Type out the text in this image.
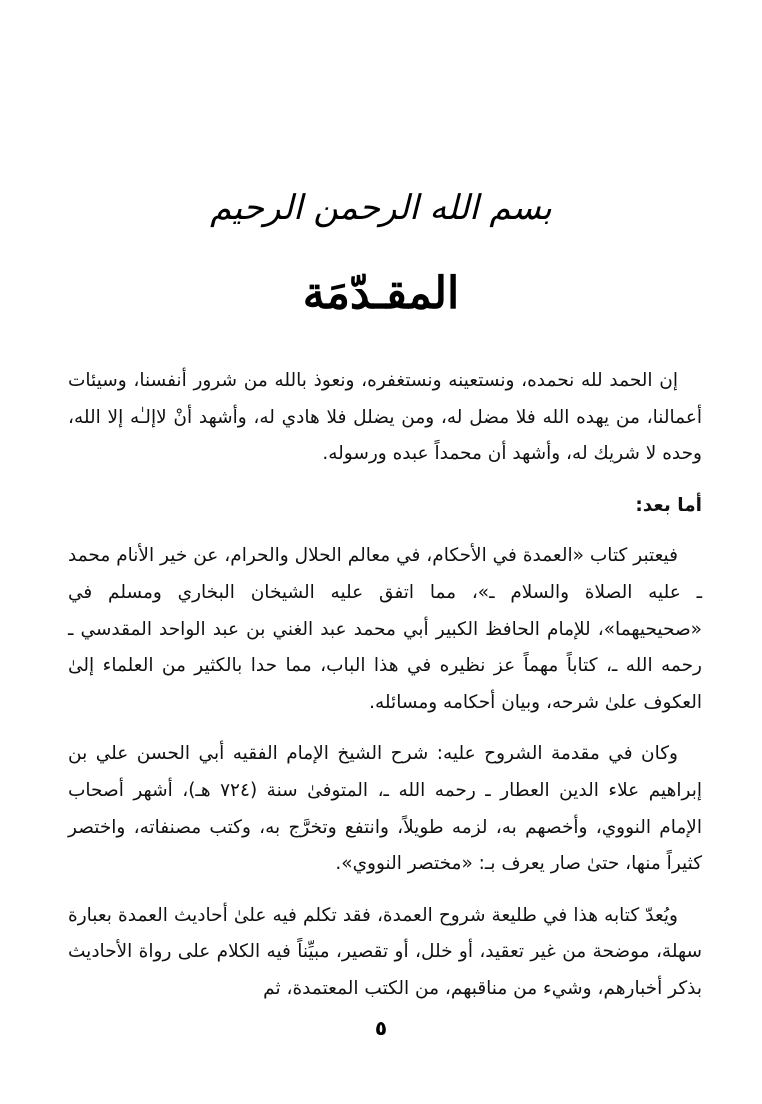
بسم الله الرحمن الرحيم
المقـدّمَة

إن الحمد لله نحمده، ونستعينه ونستغفره، ونعوذ بالله من شرور أنفسنا، وسيئات أعمالنا، من يهده الله فلا مضل له، ومن يضلل فلا هادي له، وأشهد أنْ لاإلـٰه إلا الله، وحده لا شريك له، وأشهد أن محمداً عبده ورسوله.

أما بعد:

فيعتبر كتاب «العمدة في الأحكام، في معالم الحلال والحرام، عن خير الأنام محمد ـ عليه الصلاة والسلام ـ»، مما اتفق عليه الشيخان البخاري ومسلم في «صحيحيهما»، للإمام الحافظ الكبير أبي محمد عبد الغني بن عبد الواحد المقدسي ـ رحمه الله ـ، كتاباً مهماً عز نظيره في هذا الباب، مما حدا بالكثير من العلماء إلىٰ العكوف علىٰ شرحه، وبيان أحكامه ومسائله.

وكان في مقدمة الشروح عليه: شرح الشيخ الإمام الفقيه أبي الحسن علي بن إبراهيم علاء الدين العطار ـ رحمه الله ـ، المتوفىٰ سنة (٧٢٤ هـ)، أشهر أصحاب الإمام النووي، وأخصهم به، لزمه طويلاً، وانتفع وتخرَّج به، وكتب مصنفاته، واختصر كثيراً منها، حتىٰ صار يعرف بـ: «مختصر النووي».

ويُعدّ كتابه هذا في طليعة شروح العمدة، فقد تكلم فيه علىٰ أحاديث العمدة بعبارة سهلة، موضحة من غير تعقيد، أو خلل، أو تقصير، مبيِّناً فيه الكلام على رواة الأحاديث بذكر أخبارهم، وشيء من مناقبهم، من الكتب المعتمدة، ثم

٥
